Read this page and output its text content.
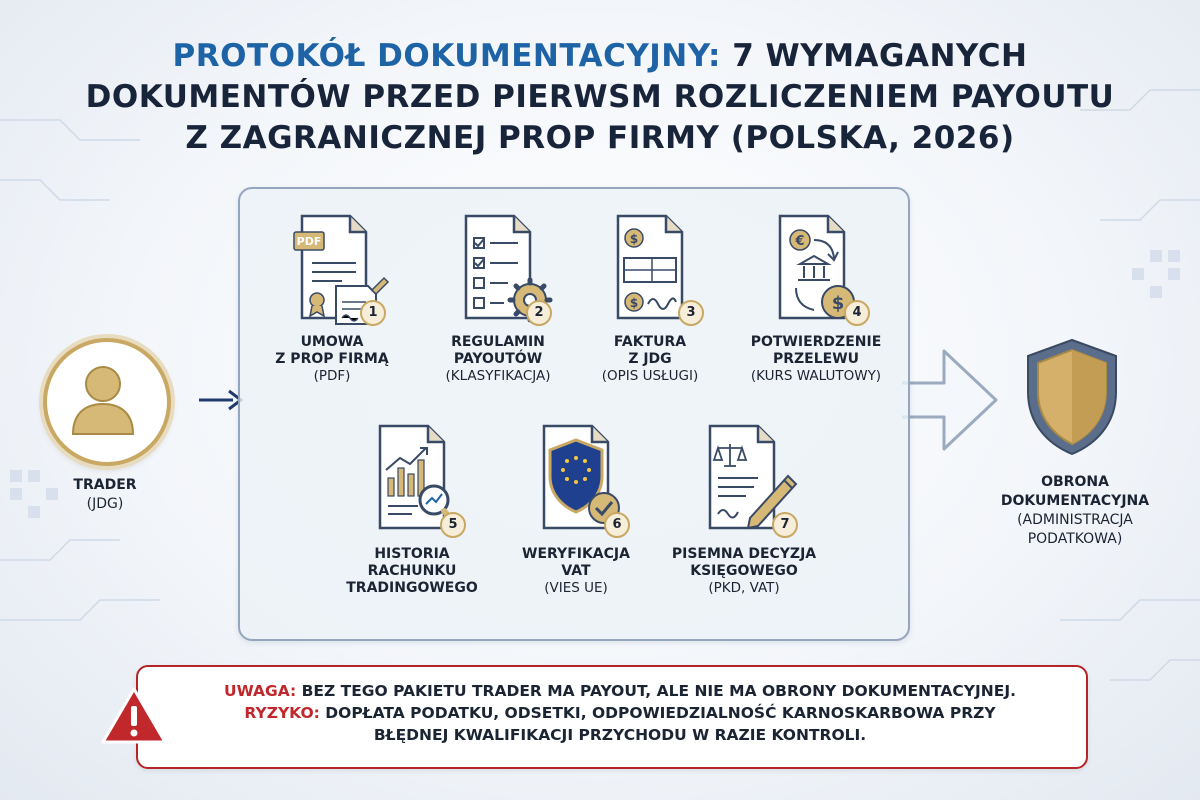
PROTOKÓŁ DOKUMENTACYJNY: 7 WYMAGANYCH
DOKUMENTÓW PRZED PIERWSM ROZLICZENIEM PAYOUTU
Z ZAGRANICZNEJ PROP FIRMY (POLSKA, 2026)
TRADER
(JDG)
PDF
1
UMOWA
Z PROP FIRMĄ
(PDF)
2
REGULAMIN
PAYOUTÓW
(KLASYFIKACJA)
$
$
3
FAKTURA
Z JDG
(OPIS USŁUGI)
€
$ 4
POTWIERDZENIE
PRZELEWU
(KURS WALUTOWY)
5
HISTORIA
RACHUNKU
TRADINGOWEGO
6
WERYFIKACJA
VAT
(VIES UE)
7
PISEMNA DECYZJA
KSIĘGOWEGO
(PKD, VAT)
OBRONA
DOKUMENTACYJNA
(ADMINISTRACJA
PODATKOWA)
UWAGA: BEZ TEGO PAKIETU TRADER MA PAYOUT, ALE NIE MA OBRONY DOKUMENTACYJNEJ.
RYZYKO: DOPŁATA PODATKU, ODSETKI, ODPOWIEDZIALNOŚĆ KARNOSKARBOWA PRZY
BŁĘDNEJ KWALIFIKACJI PRZYCHODU W RAZIE KONTROLI.
